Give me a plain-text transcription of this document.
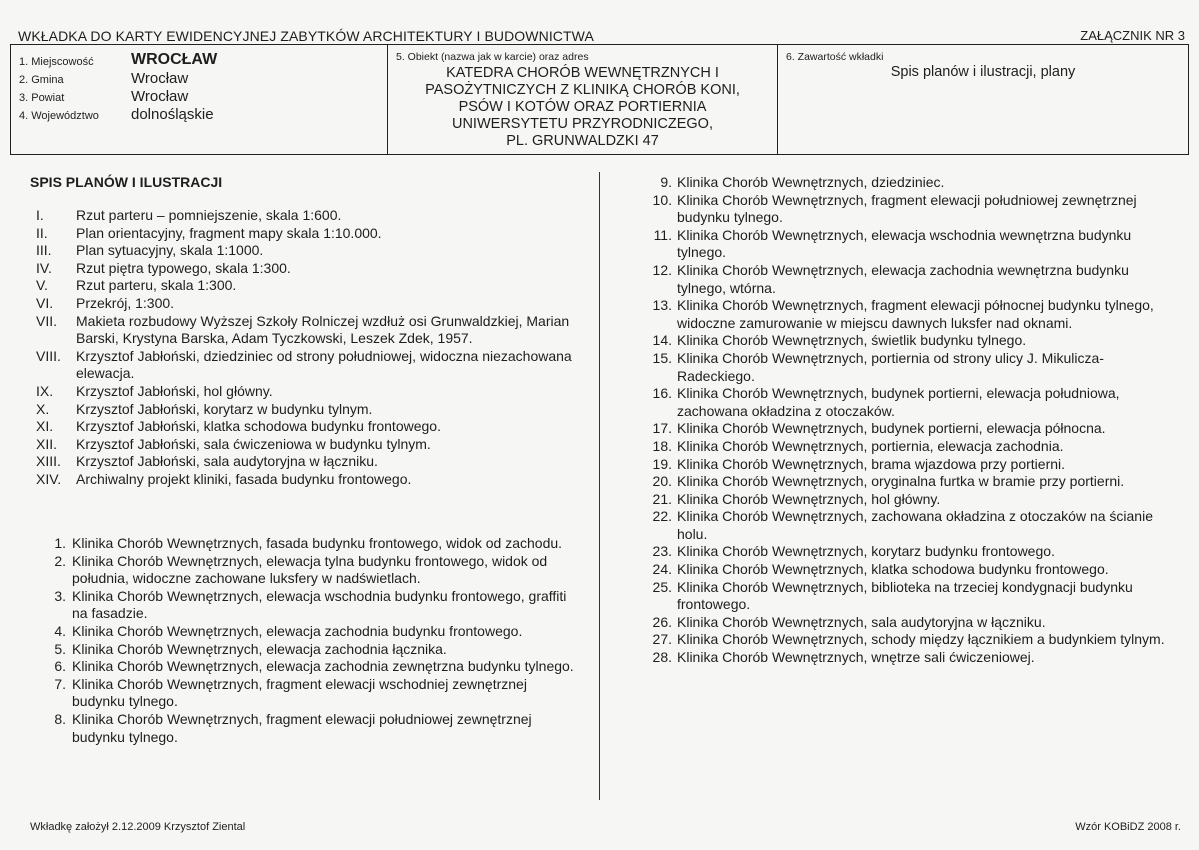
WKŁADKA DO KARTY EWIDENCYJNEJ ZABYTKÓW ARCHITEKTURY I BUDOWNICTWA	ZAŁĄCZNIK NR 3
1. Miejscowość WROCŁAW
2. Gmina	Wrocław
3. Powiat	Wrocław
4. Województwo dolnośląskie
5. Obiekt (nazwa jak w karcie) oraz adres
KATEDRA CHORÓB WEWNĘTRZNYCH I
PASOŻYTNICZYCH Z KLINIKĄ CHORÓB KONI,
PSÓW I KOTÓW ORAZ PORTIERNIA
UNIWERSYTETU PRZYRODNICZEGO,
PL. GRUNWALDZKI 47
6. Zawartość wkładki
Spis planów i ilustracji, plany
SPIS PLANÓW I ILUSTRACJI
I.	Rzut parteru – pomniejszenie, skala 1:600.
II.	Plan orientacyjny, fragment mapy skala 1:10.000.
III.	Plan sytuacyjny, skala 1:1000.
IV.	Rzut piętra typowego, skala 1:300.
V.	Rzut parteru, skala 1:300.
VI.	Przekrój, 1:300.
VII.	Makieta rozbudowy Wyższej Szkoły Rolniczej wzdłuż osi Grunwaldzkiej, Marian Barski, Krystyna Barska, Adam Tyczkowski, Leszek Zdek, 1957.
VIII.	Krzysztof Jabłoński, dziedziniec od strony południowej, widoczna niezachowana elewacja.
IX.	Krzysztof Jabłoński, hol główny.
X.	Krzysztof Jabłoński, korytarz w budynku tylnym.
XI.	Krzysztof Jabłoński, klatka schodowa budynku frontowego.
XII.	Krzysztof Jabłoński, sala ćwiczeniowa w budynku tylnym.
XIII.	Krzysztof Jabłoński, sala audytoryjna w łączniku.
XIV.	Archiwalny projekt kliniki, fasada budynku frontowego.
1. Klinika Chorób Wewnętrznych, fasada budynku frontowego, widok od zachodu.
2. Klinika Chorób Wewnętrznych, elewacja tylna budynku frontowego, widok od południa, widoczne zachowane luksfery w nadświetlach.
3. Klinika Chorób Wewnętrznych, elewacja wschodnia budynku frontowego, graffiti na fasadzie.
4. Klinika Chorób Wewnętrznych, elewacja zachodnia budynku frontowego.
5. Klinika Chorób Wewnętrznych, elewacja zachodnia łącznika.
6. Klinika Chorób Wewnętrznych, elewacja zachodnia zewnętrzna budynku tylnego.
7. Klinika Chorób Wewnętrznych, fragment elewacji wschodniej zewnętrznej budynku tylnego.
8. Klinika Chorób Wewnętrznych, fragment elewacji południowej zewnętrznej budynku tylnego.
9. Klinika Chorób Wewnętrznych, dziedziniec.
10. Klinika Chorób Wewnętrznych, fragment elewacji południowej zewnętrznej budynku tylnego.
11. Klinika Chorób Wewnętrznych, elewacja wschodnia wewnętrzna budynku tylnego.
12. Klinika Chorób Wewnętrznych, elewacja zachodnia wewnętrzna budynku tylnego, wtórna.
13. Klinika Chorób Wewnętrznych, fragment elewacji północnej budynku tylnego, widoczne zamurowanie w miejscu dawnych luksfer nad oknami.
14. Klinika Chorób Wewnętrznych, świetlik budynku tylnego.
15. Klinika Chorób Wewnętrznych, portiernia od strony ulicy J. Mikulicza-Radeckiego.
16. Klinika Chorób Wewnętrznych, budynek portierni, elewacja południowa, zachowana okładzina z otoczaków.
17. Klinika Chorób Wewnętrznych, budynek portierni, elewacja północna.
18. Klinika Chorób Wewnętrznych, portiernia, elewacja zachodnia.
19. Klinika Chorób Wewnętrznych, brama wjazdowa przy portierni.
20. Klinika Chorób Wewnętrznych, oryginalna furtka w bramie przy portierni.
21. Klinika Chorób Wewnętrznych, hol główny.
22. Klinika Chorób Wewnętrznych, zachowana okładzina z otoczaków na ścianie holu.
23. Klinika Chorób Wewnętrznych, korytarz budynku frontowego.
24. Klinika Chorób Wewnętrznych, klatka schodowa budynku frontowego.
25. Klinika Chorób Wewnętrznych, biblioteka na trzeciej kondygnacji budynku frontowego.
26. Klinika Chorób Wewnętrznych, sala audytoryjna w łączniku.
27. Klinika Chorób Wewnętrznych, schody między łącznikiem a budynkiem tylnym.
28. Klinika Chorób Wewnętrznych, wnętrze sali ćwiczeniowej.
Wkładkę założył 2.12.2009 Krzysztof Ziental	Wzór KOBiDZ 2008 r.
